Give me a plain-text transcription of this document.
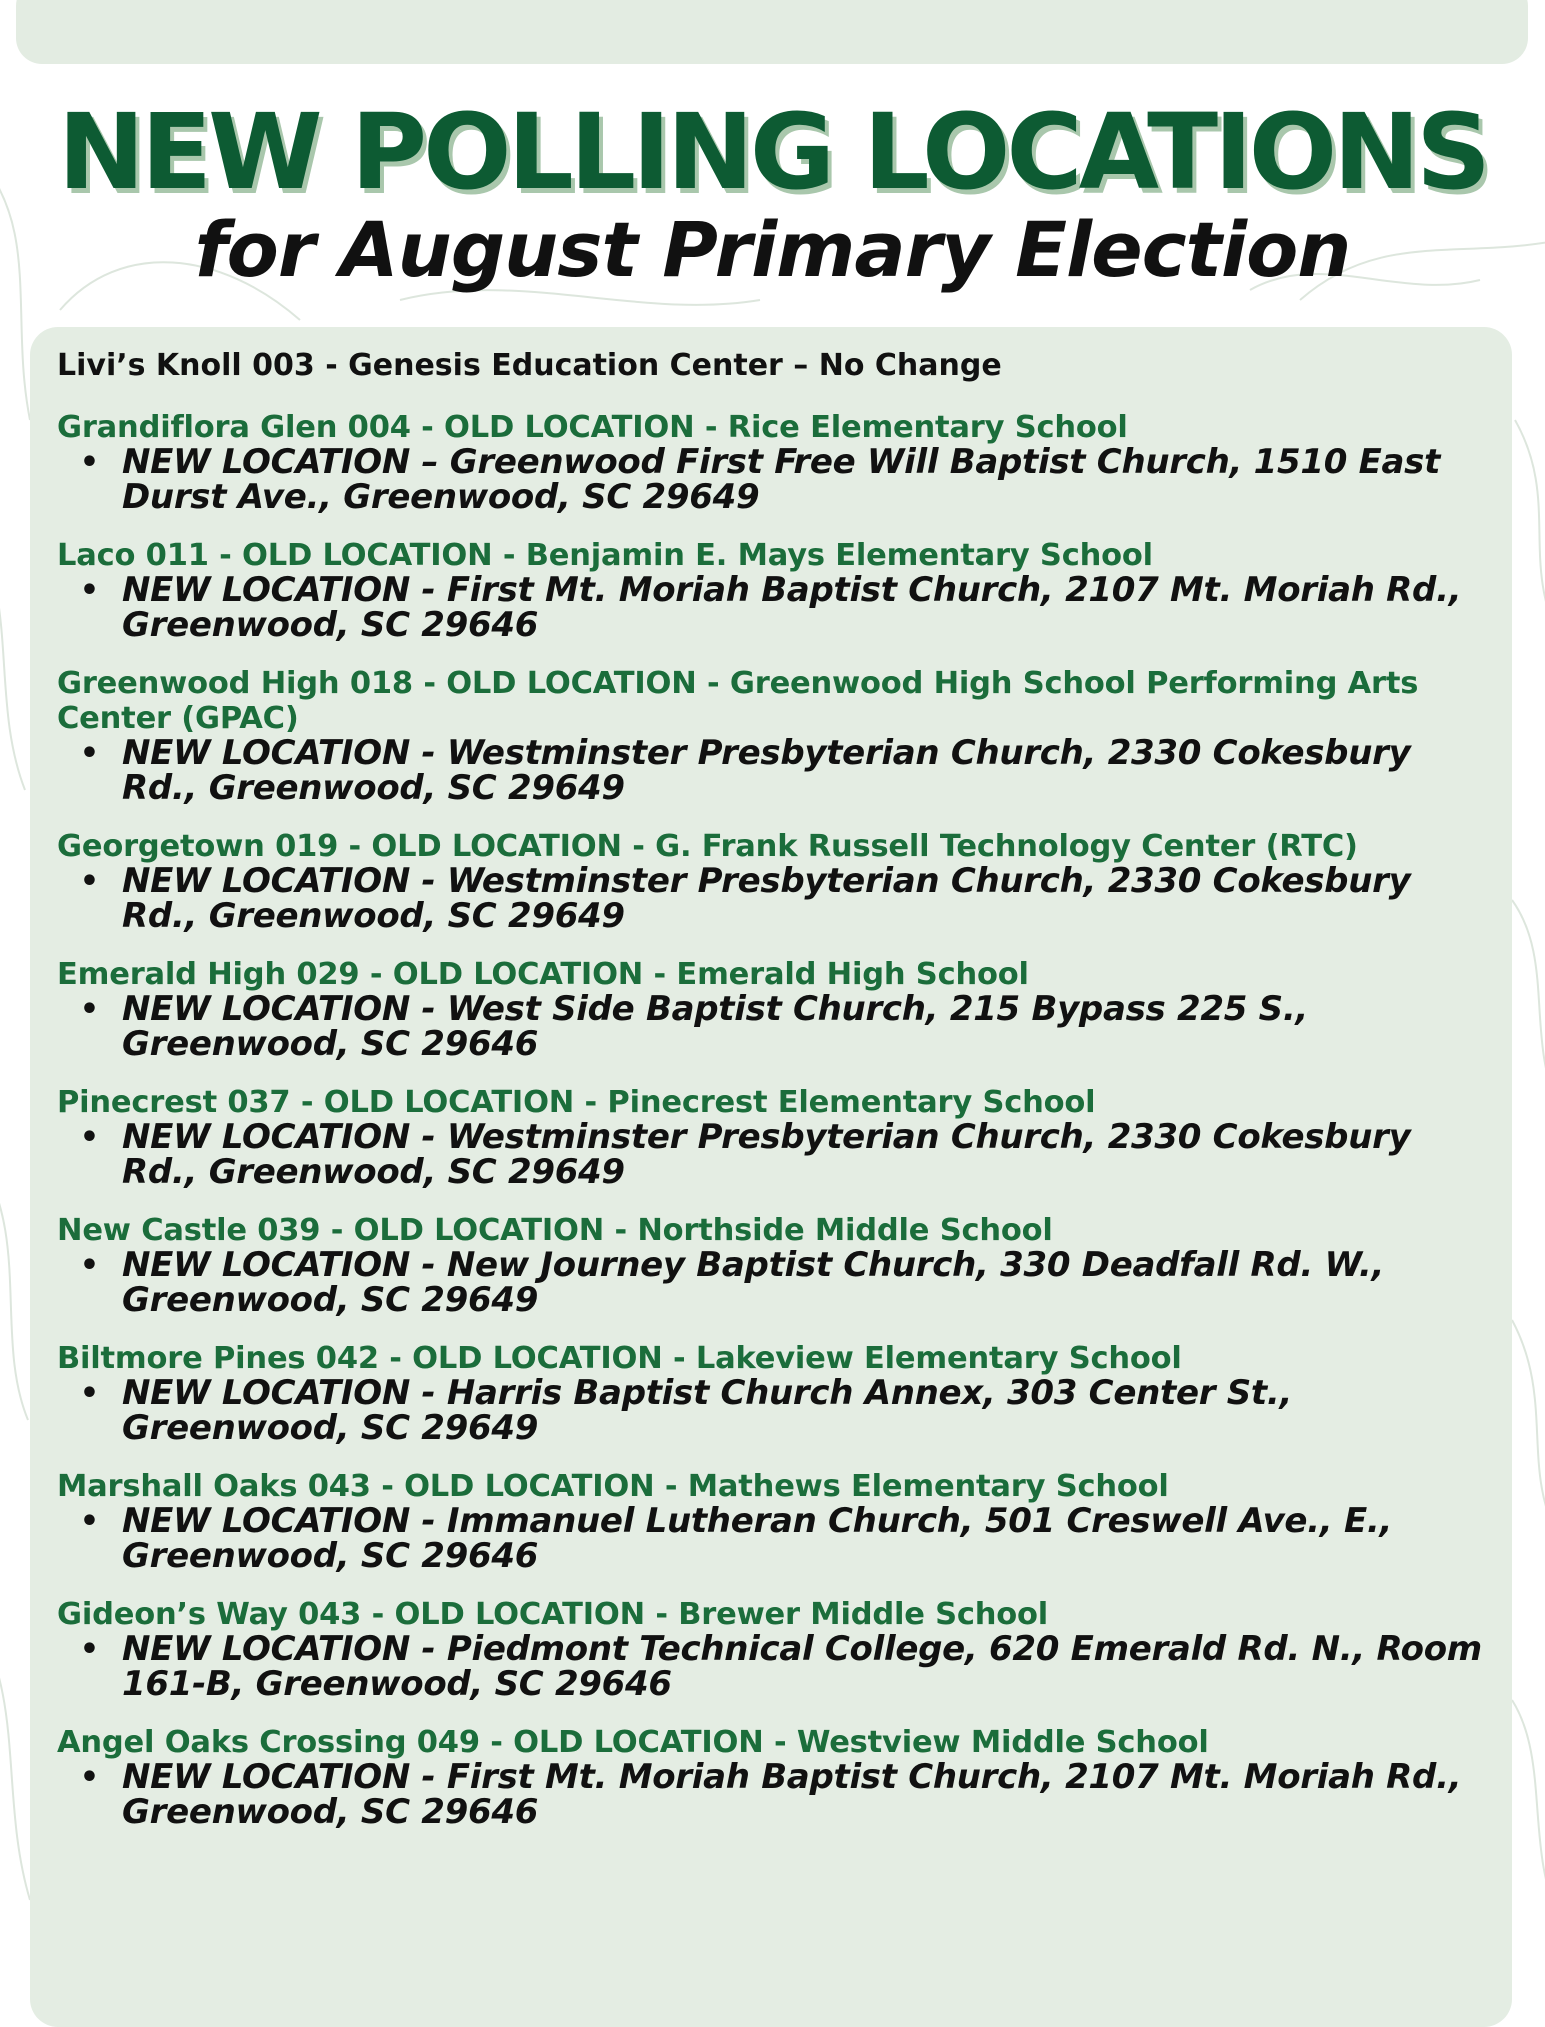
NEW POLLING LOCATIONS
for August Primary Election

Livi’s Knoll 003 - Genesis Education Center – No Change

Grandiflora Glen 004 - OLD LOCATION - Rice Elementary School
• NEW LOCATION – Greenwood First Free Will Baptist Church, 1510 East Durst Ave., Greenwood, SC 29649
Laco 011 - OLD LOCATION - Benjamin E. Mays Elementary School
• NEW LOCATION - First Mt. Moriah Baptist Church, 2107 Mt. Moriah Rd., Greenwood, SC 29646
Greenwood High 018 - OLD LOCATION - Greenwood High School Performing Arts Center (GPAC)
• NEW LOCATION - Westminster Presbyterian Church, 2330 Cokesbury Rd., Greenwood, SC 29649
Georgetown 019 - OLD LOCATION - G. Frank Russell Technology Center (RTC)
• NEW LOCATION - Westminster Presbyterian Church, 2330 Cokesbury Rd., Greenwood, SC 29649
Emerald High 029 - OLD LOCATION - Emerald High School
• NEW LOCATION - West Side Baptist Church, 215 Bypass 225 S., Greenwood, SC 29646
Pinecrest 037 - OLD LOCATION - Pinecrest Elementary School
• NEW LOCATION - Westminster Presbyterian Church, 2330 Cokesbury Rd., Greenwood, SC 29649
New Castle 039 - OLD LOCATION - Northside Middle School
• NEW LOCATION - New Journey Baptist Church, 330 Deadfall Rd. W., Greenwood, SC 29649
Biltmore Pines 042 - OLD LOCATION - Lakeview Elementary School
• NEW LOCATION - Harris Baptist Church Annex, 303 Center St., Greenwood, SC 29649
Marshall Oaks 043 - OLD LOCATION - Mathews Elementary School
• NEW LOCATION - Immanuel Lutheran Church, 501 Creswell Ave., E., Greenwood, SC 29646
Gideon’s Way 043 - OLD LOCATION - Brewer Middle School
• NEW LOCATION - Piedmont Technical College, 620 Emerald Rd. N., Room 161-B, Greenwood, SC 29646
Angel Oaks Crossing 049 - OLD LOCATION - Westview Middle School
• NEW LOCATION - First Mt. Moriah Baptist Church, 2107 Mt. Moriah Rd., Greenwood, SC 29646
